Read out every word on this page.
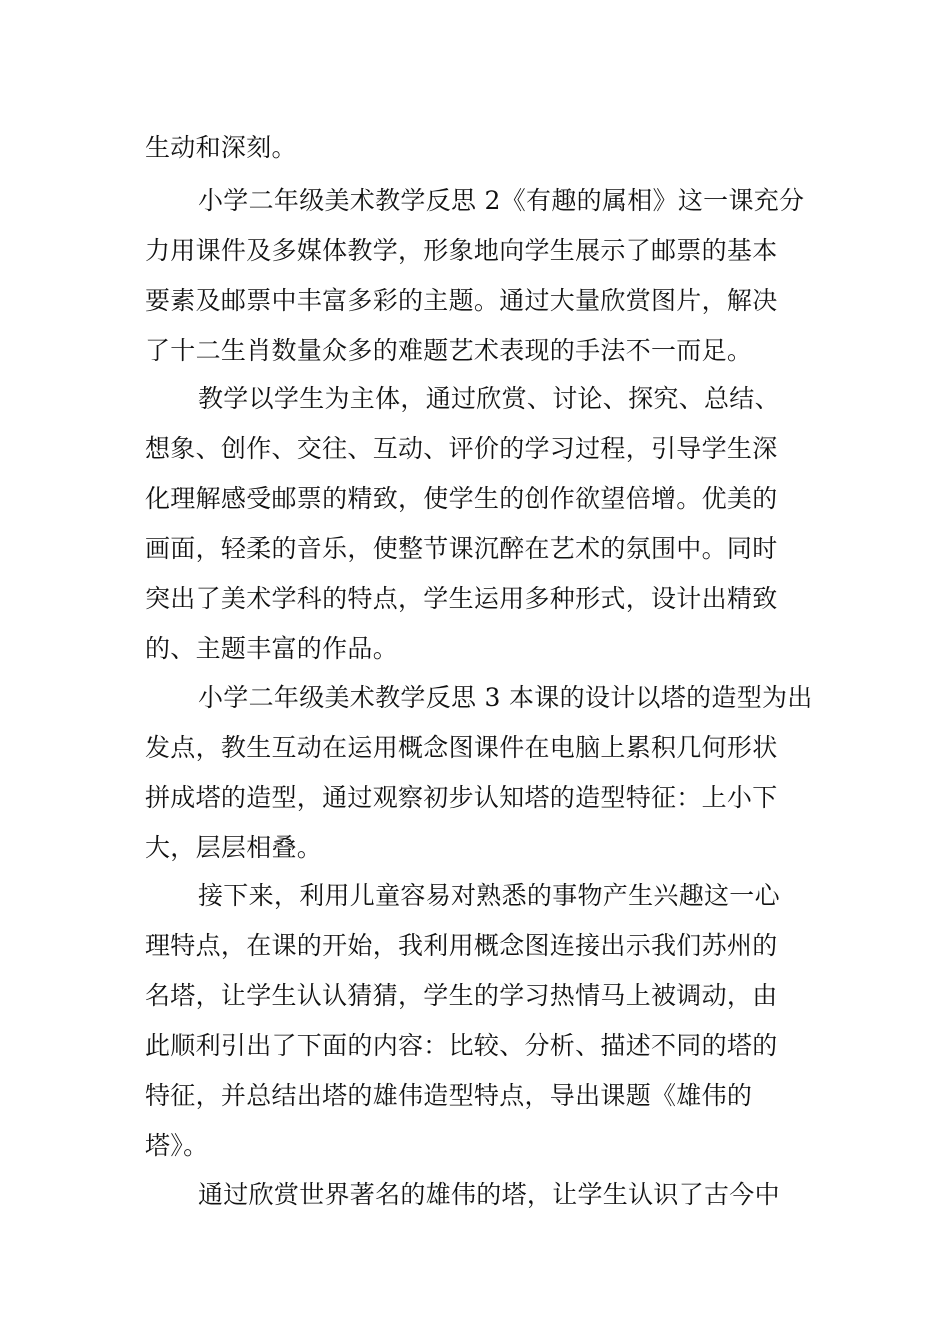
生动和深刻。
小学二年级美术教学反思 2《有趣的属相》这一课充分
力用课件及多媒体教学，形象地向学生展示了邮票的基本
要素及邮票中丰富多彩的主题。通过大量欣赏图片，解决
了十二生肖数量众多的难题艺术表现的手法不一而足。
教学以学生为主体，通过欣赏、讨论、探究、总结、
想象、创作、交往、互动、评价的学习过程，引导学生深
化理解感受邮票的精致，使学生的创作欲望倍增。优美的
画面，轻柔的音乐，使整节课沉醉在艺术的氛围中。同时
突出了美术学科的特点，学生运用多种形式，设计出精致
的、主题丰富的作品。
小学二年级美术教学反思 3 本课的设计以塔的造型为出
发点，教生互动在运用概念图课件在电脑上累积几何形状
拼成塔的造型，通过观察初步认知塔的造型特征：上小下
大，层层相叠。
接下来，利用儿童容易对熟悉的事物产生兴趣这一心
理特点，在课的开始，我利用概念图连接出示我们苏州的
名塔，让学生认认猜猜，学生的学习热情马上被调动，由
此顺利引出了下面的内容：比较、分析、描述不同的塔的
特征，并总结出塔的雄伟造型特点，导出课题《雄伟的
塔》。
通过欣赏世界著名的雄伟的塔，让学生认识了古今中
